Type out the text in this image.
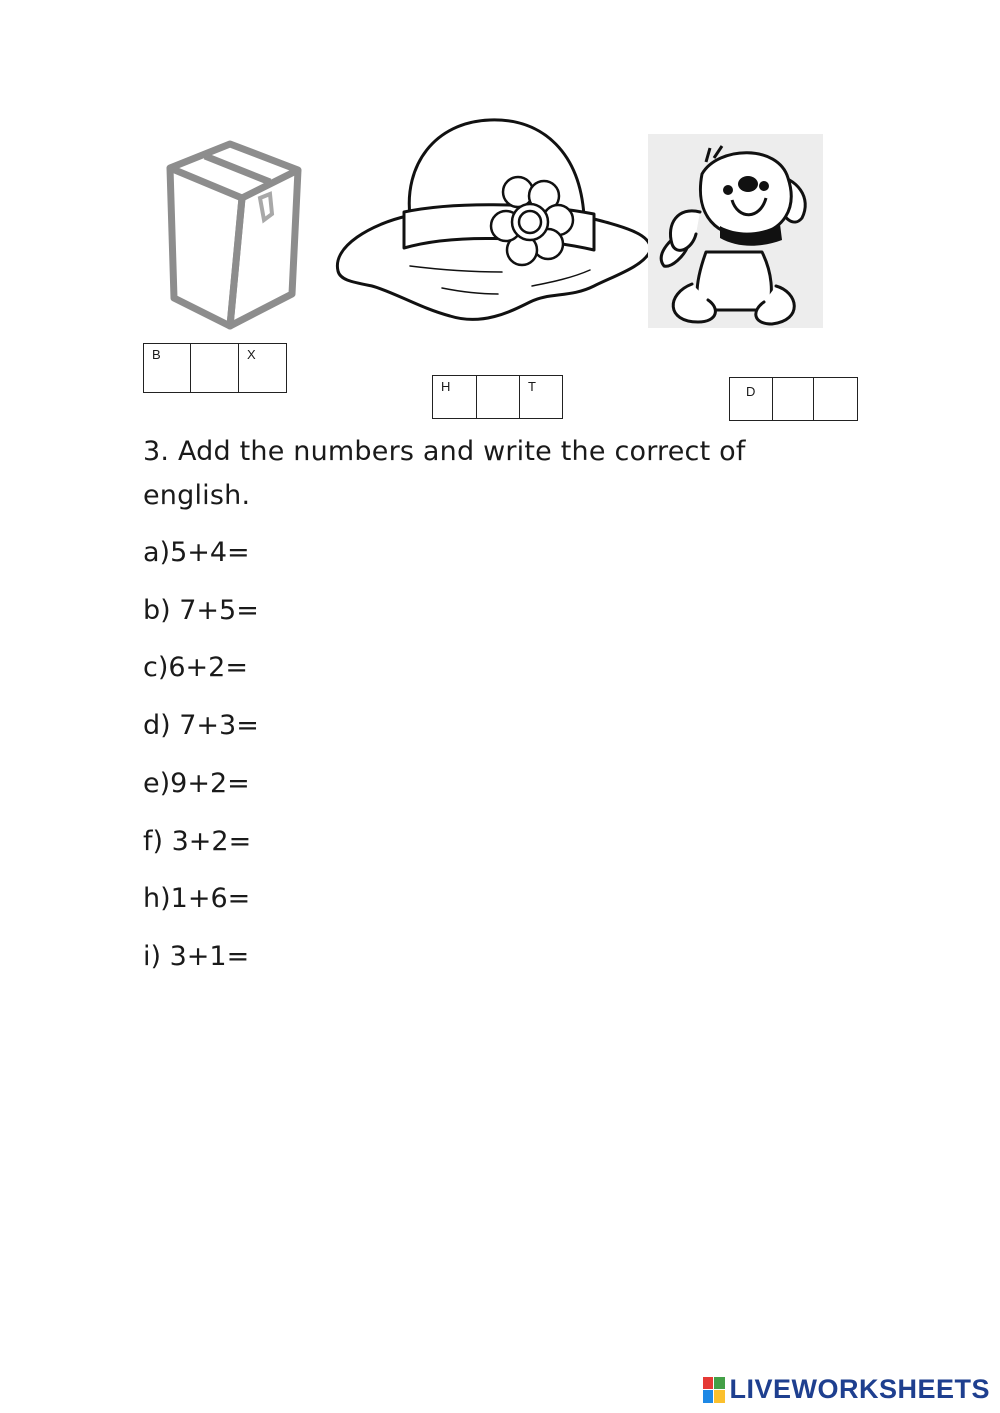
B	X
H	T	D
3. Add the numbers and write the correct of english.
a)5+4=
b) 7+5=
c)6+2=
d) 7+3=
e)9+2=
f) 3+2=
h)1+6=
i) 3+1=
LIVEWORKSHEETS
